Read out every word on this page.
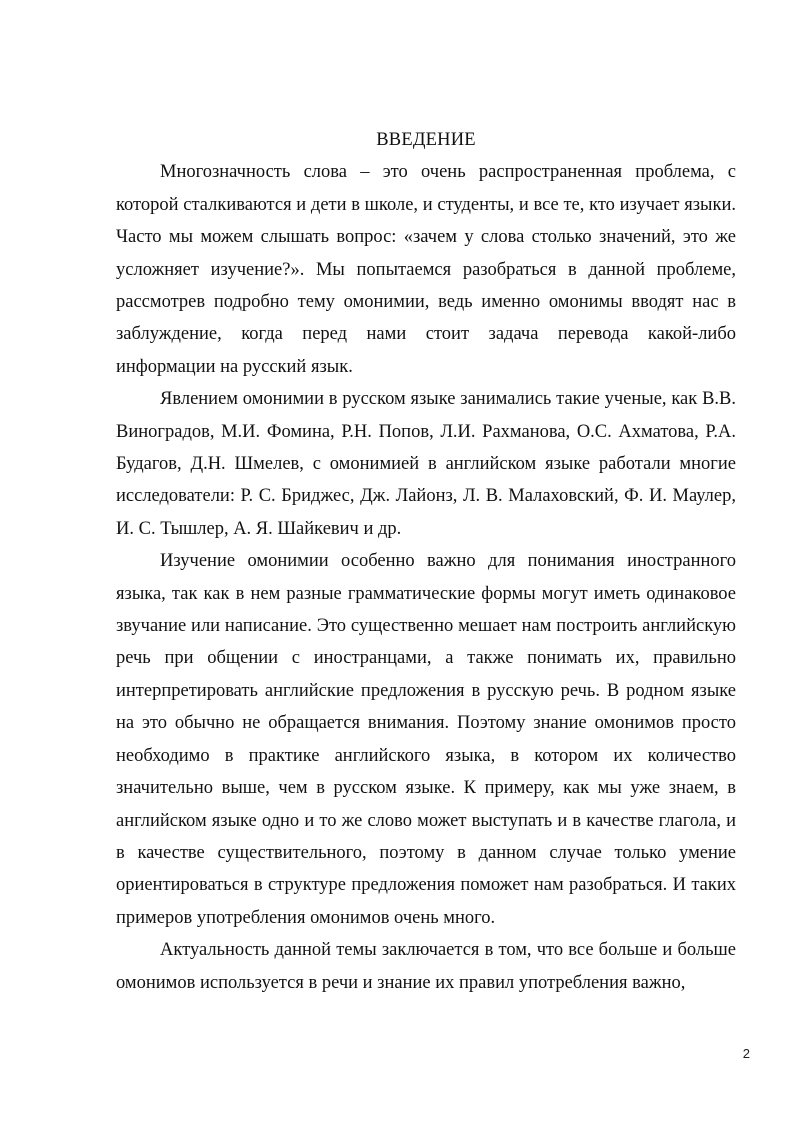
ВВЕДЕНИЕ

Многозначность слова – это очень распространенная проблема, с которой сталкиваются и дети в школе, и студенты, и все те, кто изучает языки. Часто мы можем слышать вопрос: «зачем у слова столько значений, это же усложняет изучение?». Мы попытаемся разобраться в данной проблеме, рассмотрев подробно тему омонимии, ведь именно омонимы вводят нас в заблуждение, когда перед нами стоит задача перевода какой-либо информации на русский язык.

Явлением омонимии в русском языке занимались такие ученые, как В.В. Виноградов, М.И. Фомина, Р.Н. Попов, Л.И. Рахманова, О.С. Ахматова, Р.А. Будагов, Д.Н. Шмелев, с омонимией в английском языке работали многие исследователи: Р. С. Бриджес, Дж. Лайонз, Л. В. Малаховский, Ф. И. Маулер, И. С. Тышлер, А. Я. Шайкевич и др.

Изучение омонимии особенно важно для понимания иностранного языка, так как в нем разные грамматические формы могут иметь одинаковое звучание или написание. Это существенно мешает нам построить английскую речь при общении с иностранцами, а также понимать их, правильно интерпретировать английские предложения в русскую речь. В родном языке на это обычно не обращается внимания. Поэтому знание омонимов просто необходимо в практике английского языка, в котором их количество значительно выше, чем в русском языке. К примеру, как мы уже знаем, в английском языке одно и то же слово может выступать и в качестве глагола, и в качестве существительного, поэтому в данном случае только умение ориентироваться в структуре предложения поможет нам разобраться. И таких примеров употребления омонимов очень много.

Актуальность данной темы заключается в том, что все больше и больше омонимов используется в речи и знание их правил употребления важно,

2
